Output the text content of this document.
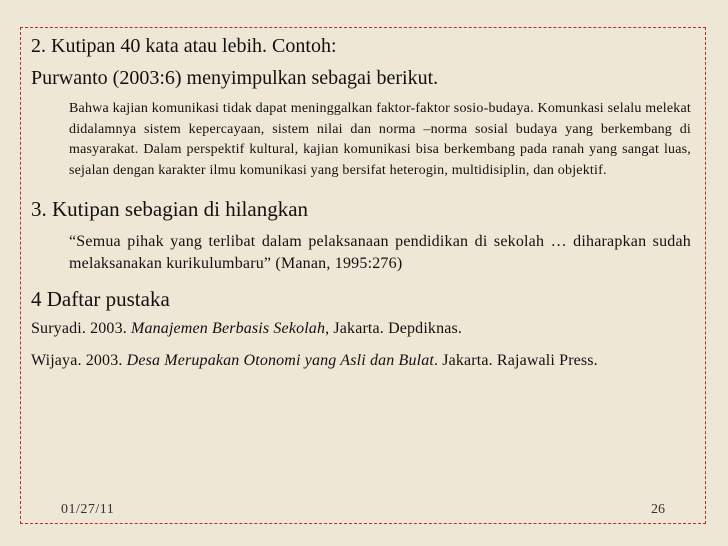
2. Kutipan 40 kata atau lebih. Contoh:

Purwanto (2003:6) menyimpulkan sebagai berikut.

Bahwa kajian komunikasi tidak dapat meninggalkan faktor-faktor sosio-budaya. Komunkasi selalu melekat didalamnya sistem kepercayaan, sistem nilai dan norma –norma sosial budaya yang berkembang di masyarakat. Dalam perspektif kultural, kajian komunikasi bisa berkembang pada ranah yang sangat luas, sejalan dengan karakter ilmu komunikasi yang bersifat heterogin, multidisiplin, dan objektif.

3. Kutipan sebagian di hilangkan

“Semua pihak yang terlibat dalam pelaksanaan pendidikan di sekolah … diharapkan sudah melaksanakan kurikulumbaru” (Manan, 1995:276)

4 Daftar pustaka

Suryadi. 2003. Manajemen Berbasis Sekolah, Jakarta. Depdiknas.

Wijaya. 2003. Desa Merupakan Otonomi yang Asli dan Bulat. Jakarta. Rajawali Press.

01/27/11	26
